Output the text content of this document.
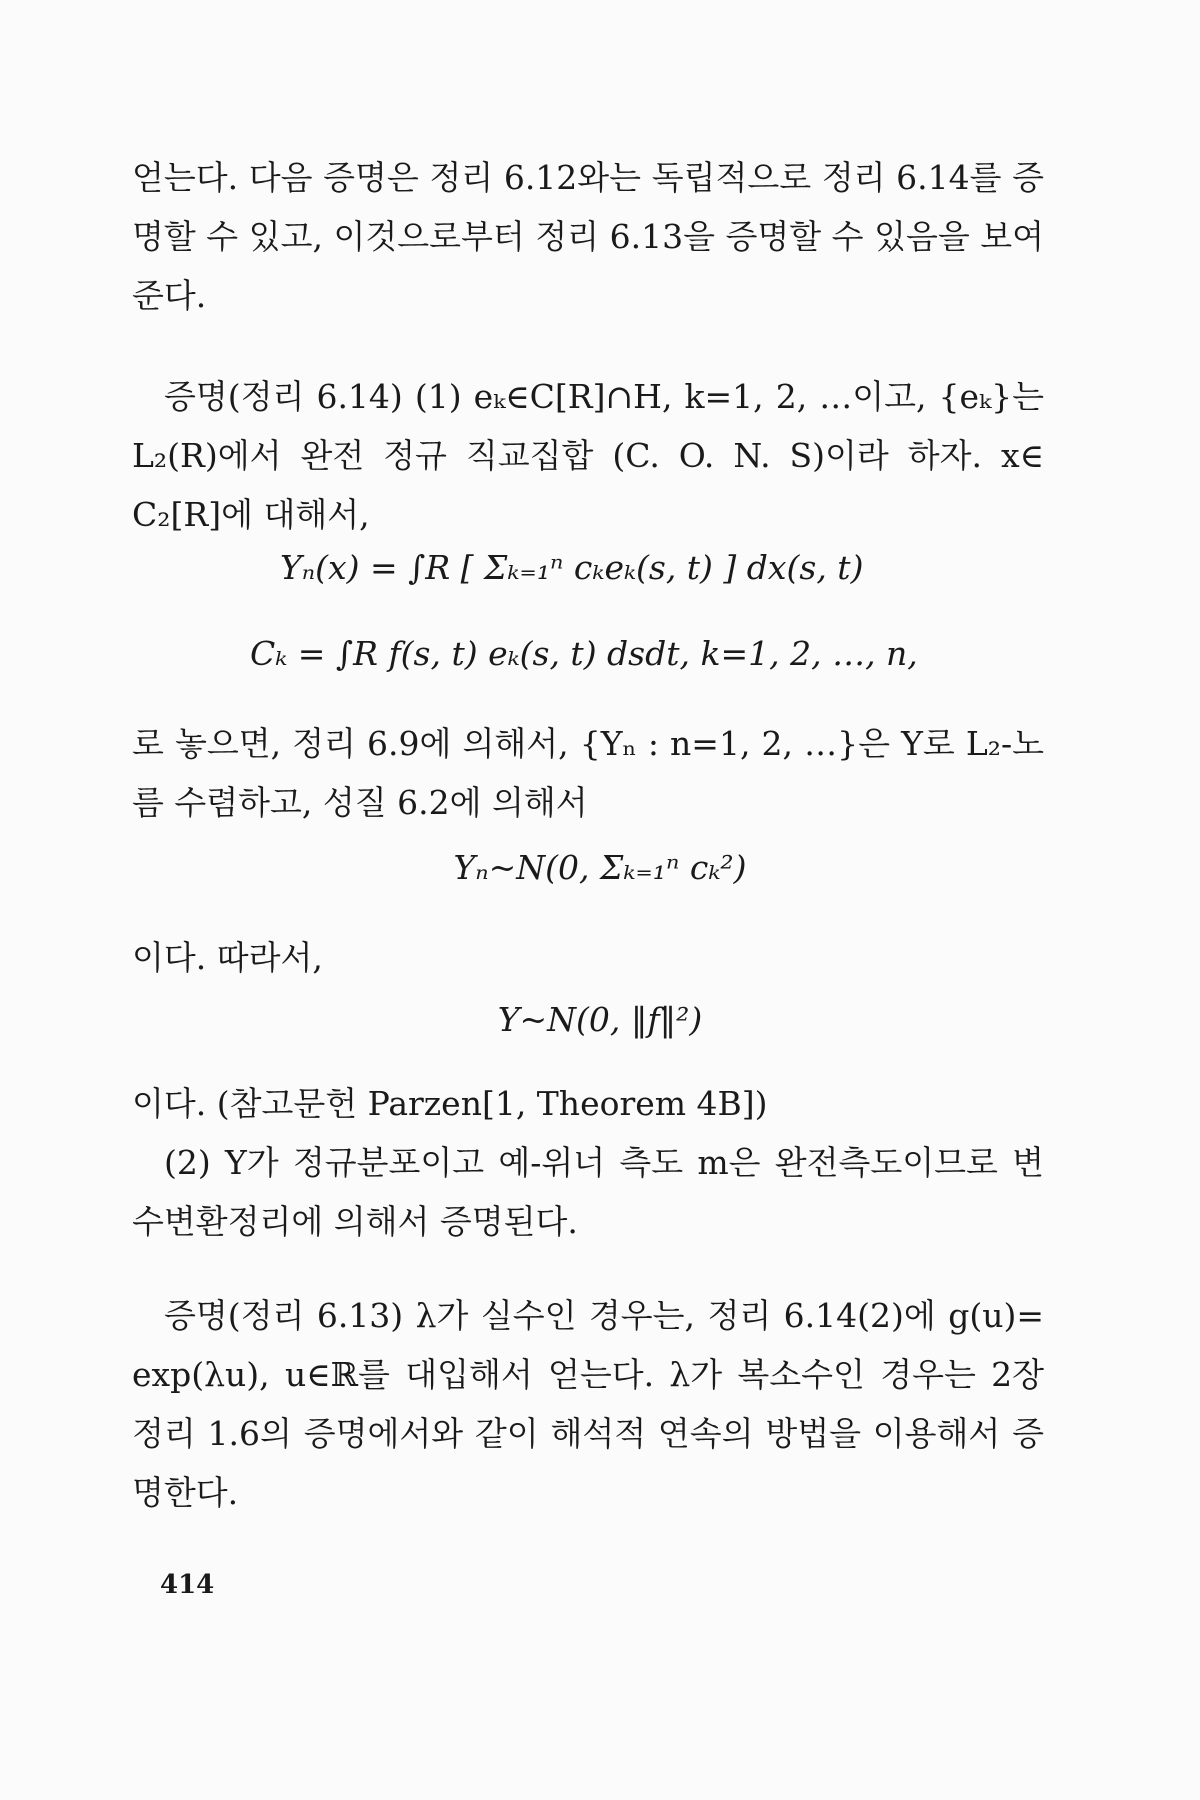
얻는다. 다음 증명은 정리 6.12와는 독립적으로 정리 6.14를 증
명할 수 있고, 이것으로부터 정리 6.13을 증명할 수 있음을 보여
준다.

증명(정리 6.14) (1) eₖ∈C[R]∩H, k=1, 2, …이고, {eₖ}는
L₂(R)에서 완전 정규 직교집합 (C. O. N. S)이라 하자. x∈
C₂[R]에 대해서,

Yₙ(x) = ∫R [ Σₖ₌₁ⁿ cₖeₖ(s, t) ] dx(s, t)
Cₖ = ∫R f(s, t) eₖ(s, t) dsdt, k=1, 2, …, n,

로 놓으면, 정리 6.9에 의해서, {Yₙ : n=1, 2, …}은 Y로 L₂-노
름 수렴하고, 성질 6.2에 의해서

Yₙ~N(0, Σₖ₌₁ⁿ cₖ²)

이다. 따라서,

Y~N(0, ‖f‖²)

이다. (참고문헌 Parzen[1, Theorem 4B])

(2) Y가 정규분포이고 예-위너 측도 m은 완전측도이므로 변
수변환정리에 의해서 증명된다.

증명(정리 6.13) λ가 실수인 경우는, 정리 6.14(2)에 g(u)=
exp(λu), u∈ℝ를 대입해서 얻는다. λ가 복소수인 경우는 2장
정리 1.6의 증명에서와 같이 해석적 연속의 방법을 이용해서 증
명한다.

414
